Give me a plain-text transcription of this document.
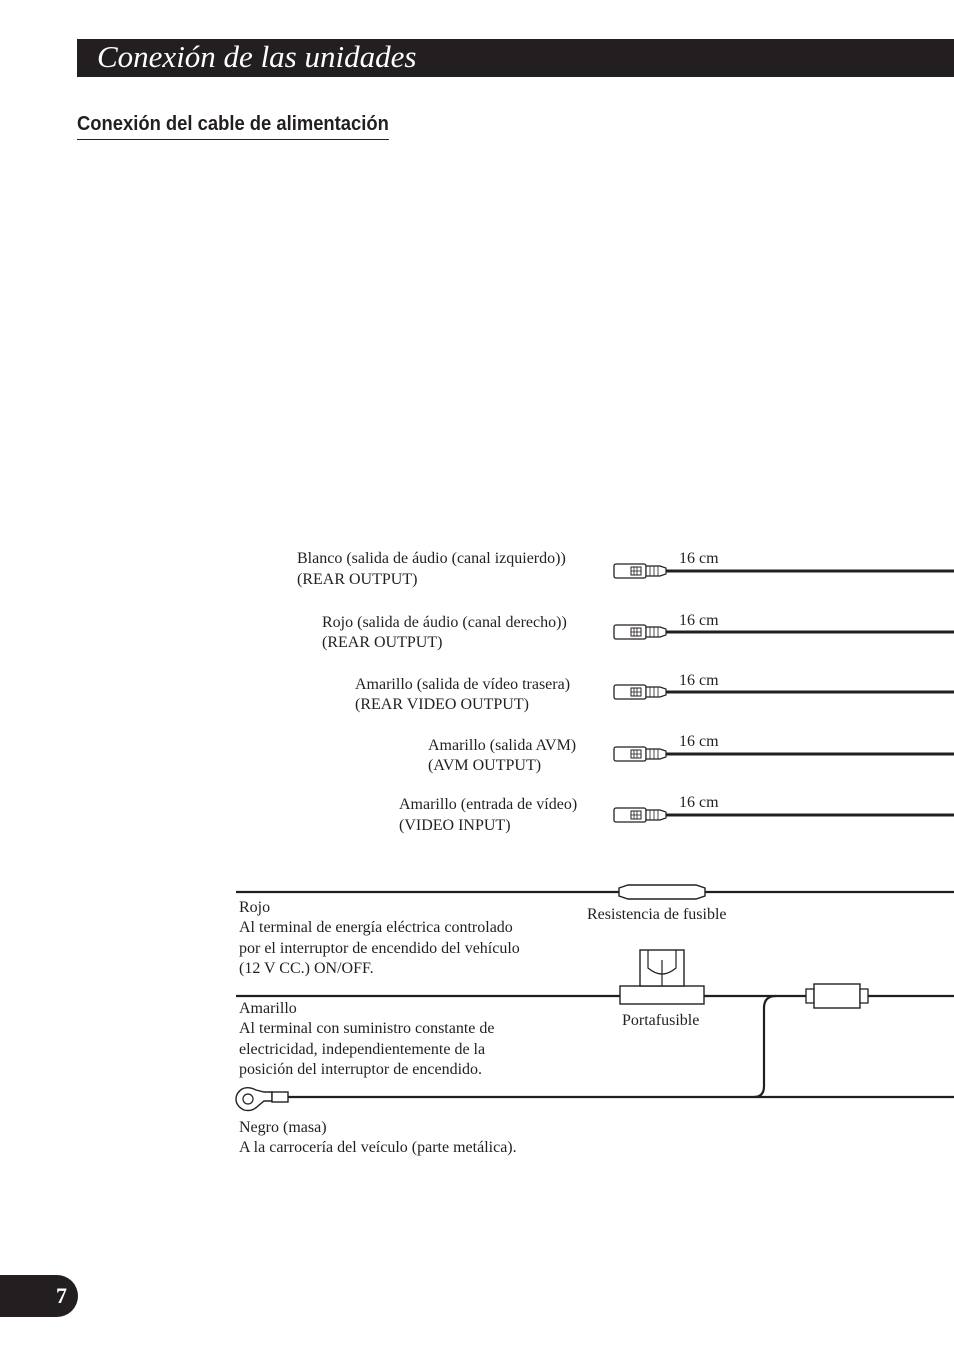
Conexión de las unidades
Conexión del cable de alimentación
Blanco (salida de áudio (canal izquierdo))
(REAR OUTPUT)
16 cm
Rojo (salida de áudio (canal derecho))
(REAR OUTPUT)
16 cm
Amarillo (salida de vídeo trasera)
(REAR VIDEO OUTPUT)
16 cm
Amarillo (salida AVM)
(AVM OUTPUT)
16 cm
Amarillo (entrada de vídeo)
(VIDEO INPUT)
16 cm
Rojo
Al terminal de energía eléctrica controlado
por el interruptor de encendido del vehículo
(12 V CC.) ON/OFF.
Resistencia de fusible
Portafusible
Amarillo
Al terminal con suministro constante de
electricidad, independientemente de la
posición del interruptor de encendido.
Negro (masa)
A la carrocería del veículo (parte metálica).
7
